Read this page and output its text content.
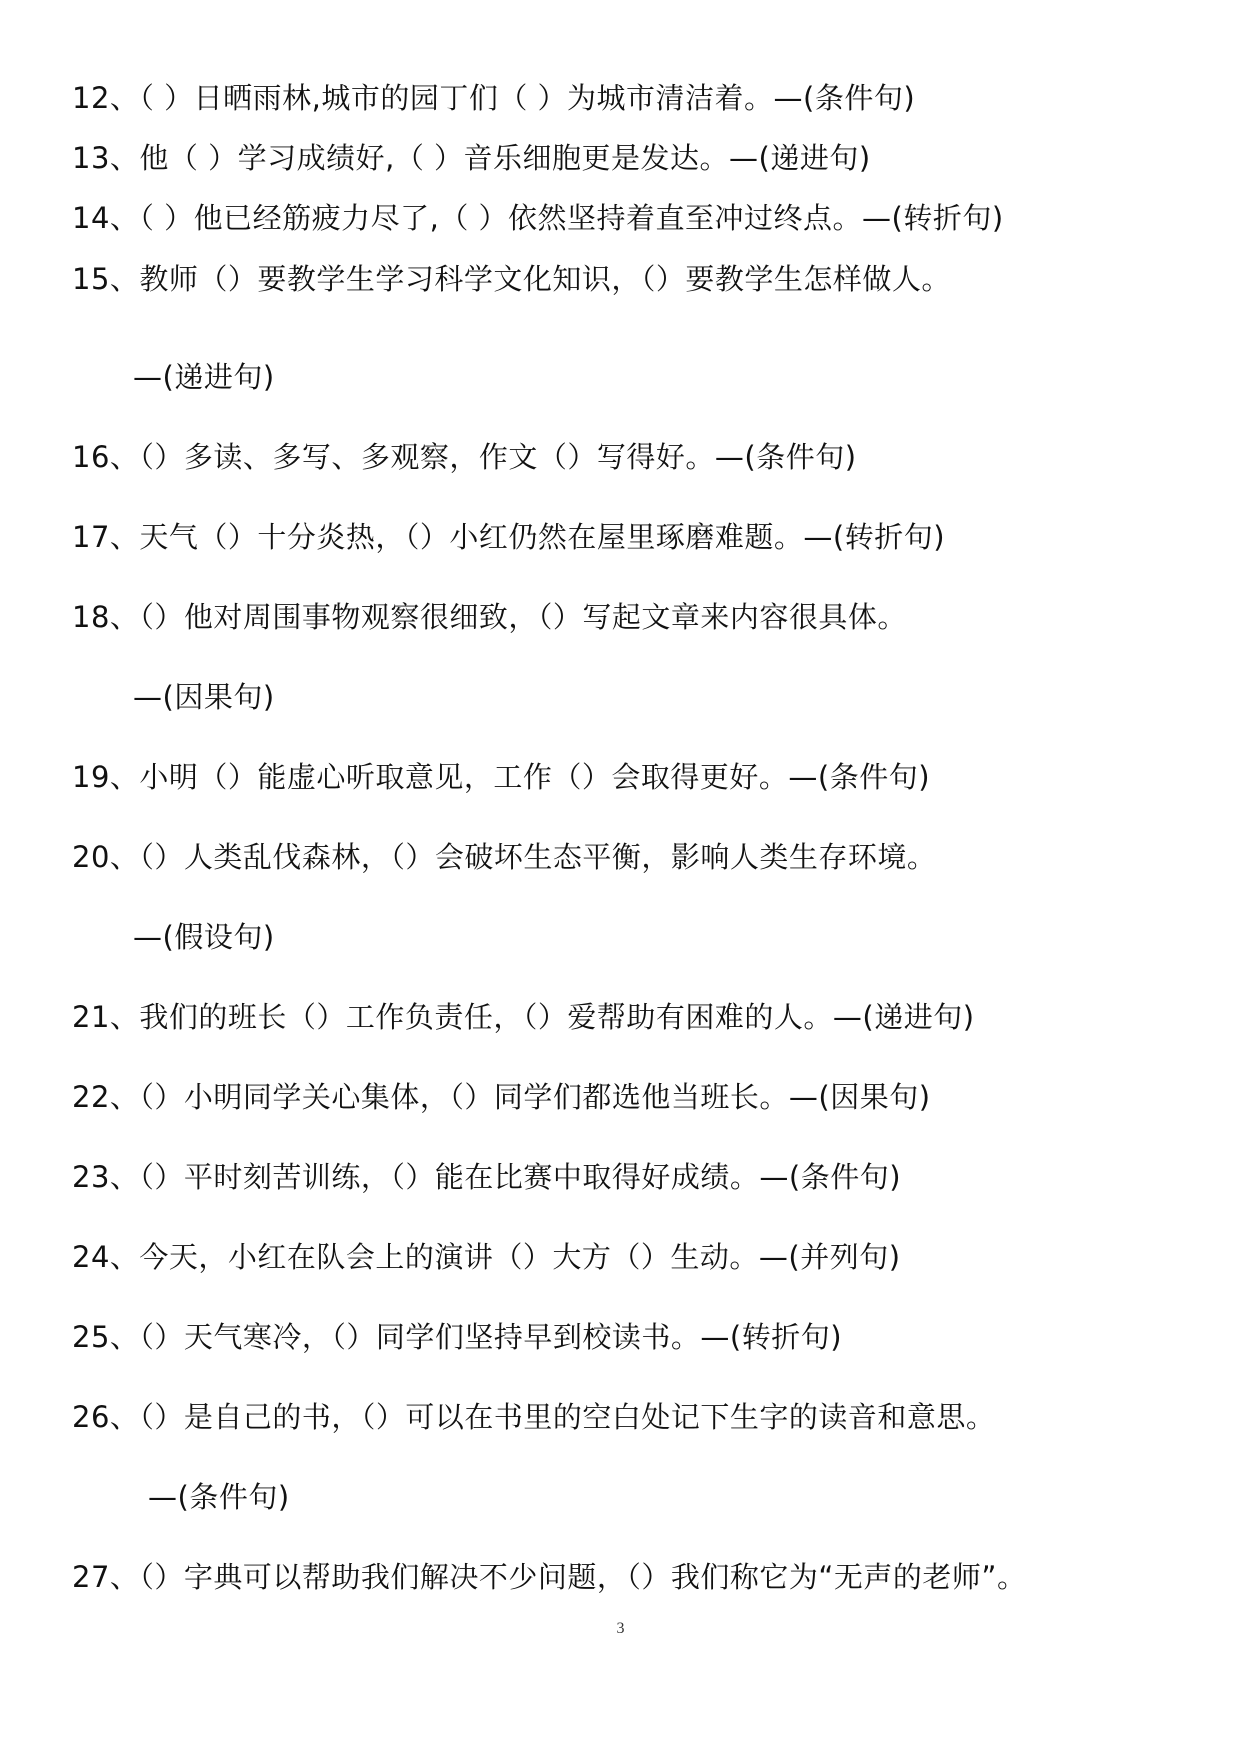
12、（ ）日晒雨林,城市的园丁们（ ）为城市清洁着。—(条件句)
13、他（ ）学习成绩好,（ ）音乐细胞更是发达。—(递进句)
14、（ ）他已经筋疲力尽了,（ ）依然坚持着直至冲过终点。—(转折句)
15、教师（）要教学生学习科学文化知识，（）要教学生怎样做人。
—(递进句)
16、（）多读、多写、多观察，作文（）写得好。—(条件句)
17、天气（）十分炎热，（）小红仍然在屋里琢磨难题。—(转折句)
18、（）他对周围事物观察很细致，（）写起文章来内容很具体。
—(因果句)
19、小明（）能虚心听取意见，工作（）会取得更好。—(条件句)
20、（）人类乱伐森林，（）会破坏生态平衡，影响人类生存环境。
—(假设句)
21、我们的班长（）工作负责任，（）爱帮助有困难的人。—(递进句)
22、（）小明同学关心集体，（）同学们都选他当班长。—(因果句)
23、（）平时刻苦训练，（）能在比赛中取得好成绩。—(条件句)
24、今天，小红在队会上的演讲（）大方（）生动。—(并列句)
25、（）天气寒冷，（）同学们坚持早到校读书。—(转折句)
26、（）是自己的书，（）可以在书里的空白处记下生字的读音和意思。
—(条件句)
27、（）字典可以帮助我们解决不少问题，（）我们称它为“无声的老师”。
3
